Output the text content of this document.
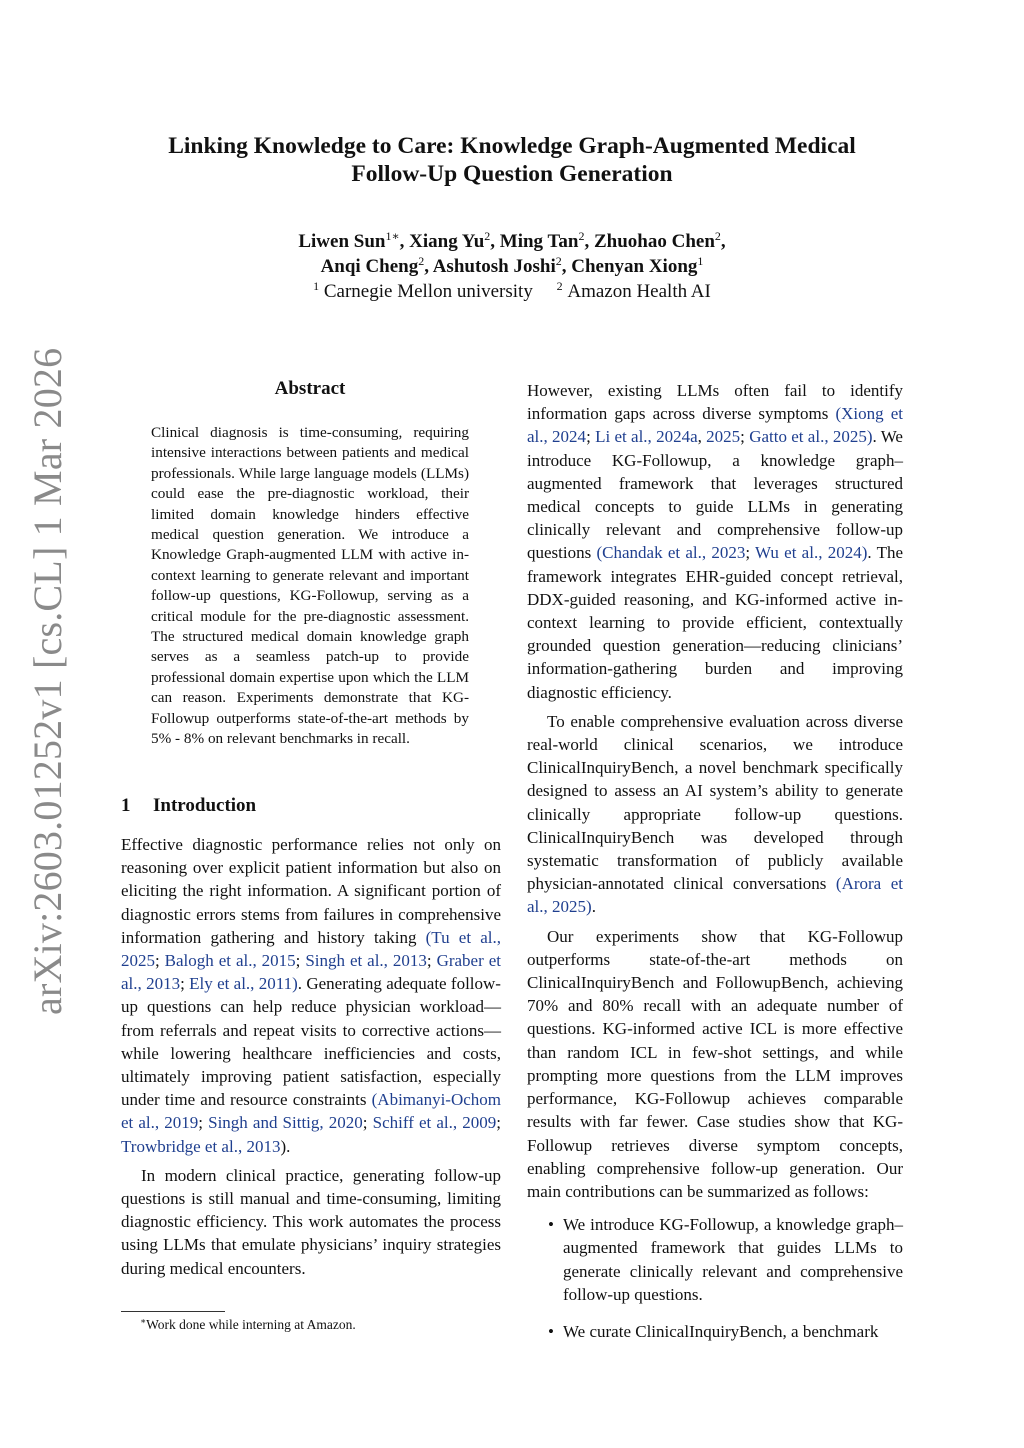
arXiv:2603.01252v1 [cs.CL] 1 Mar 2026
Linking Knowledge to Care: Knowledge Graph-Augmented Medical
Follow-Up Question Generation
Liwen Sun$^{1∗}$, Xiang Yu$^2$, Ming Tan$^2$, Zhuohao Chen$^2$,
Anqi Cheng$^2$, Ashutosh Joshi$^2$, Chenyan Xiong$^1$
$^1$ Carnegie Mellon university $^2$ Amazon Health AI
Abstract
Clinical diagnosis is time-consuming, requiring intensive interactions between patients and medical professionals. While large language models (LLMs) could ease the pre-diagnostic workload, their limited domain knowledge hinders effective medical question generation. We introduce a Knowledge Graph-augmented LLM with active in-context learning to generate relevant and important follow-up questions, KG-Followup, serving as a critical module for the pre-diagnostic assessment. The structured medical domain knowledge graph serves as a seamless patch-up to provide professional domain expertise upon which the LLM can reason. Experiments demonstrate that KG-Followup outperforms state-of-the-art methods by 5% - 8% on relevant benchmarks in recall.
1 Introduction

Effective diagnostic performance relies not only on reasoning over explicit patient information but also on eliciting the right information. A significant portion of diagnostic errors stems from failures in comprehensive information gathering and history taking (Tu et al., 2025; Balogh et al., 2015; Singh et al., 2013; Graber et al., 2013; Ely et al., 2011). Generating adequate follow-up questions can help reduce physician workload—from referrals and repeat visits to corrective actions—while lowering healthcare inefficiencies and costs, ultimately improving patient satisfaction, especially under time and resource constraints (Abimanyi-Ochom et al., 2019; Singh and Sittig, 2020; Schiff et al., 2009; Trowbridge et al., 2013).

In modern clinical practice, generating follow-up questions is still manual and time-consuming, limiting diagnostic efficiency. This work automates the process using LLMs that emulate physicians’ inquiry strategies during medical encounters.

∗Work done while interning at Amazon.

However, existing LLMs often fail to identify information gaps across diverse symptoms (Xiong et al., 2024; Li et al., 2024a, 2025; Gatto et al., 2025). We introduce KG-Followup, a knowledge graph–augmented framework that leverages structured medical concepts to guide LLMs in generating clinically relevant and comprehensive follow-up questions (Chandak et al., 2023; Wu et al., 2024). The framework integrates EHR-guided concept retrieval, DDX-guided reasoning, and KG-informed active in-context learning to provide efficient, contextually grounded question generation—reducing clinicians’ information-gathering burden and improving diagnostic efficiency.

To enable comprehensive evaluation across diverse real-world clinical scenarios, we introduce ClinicalInquiryBench, a novel benchmark specifically designed to assess an AI system’s ability to generate clinically appropriate follow-up questions. ClinicalInquiryBench was developed through systematic transformation of publicly available physician-annotated clinical conversations (Arora et al., 2025).

Our experiments show that KG-Followup outperforms state-of-the-art methods on ClinicalInquiryBench and FollowupBench, achieving 70% and 80% recall with an adequate number of questions. KG-informed active ICL is more effective than random ICL in few-shot settings, and while prompting more questions from the LLM improves performance, KG-Followup achieves comparable results with far fewer. Case studies show that KG-Followup retrieves diverse symptom concepts, enabling comprehensive follow-up generation. Our main contributions can be summarized as follows:

• We introduce KG-Followup, a knowledge graph–augmented framework that guides LLMs to generate clinically relevant and comprehensive follow-up questions.
• We curate ClinicalInquiryBench, a benchmark
